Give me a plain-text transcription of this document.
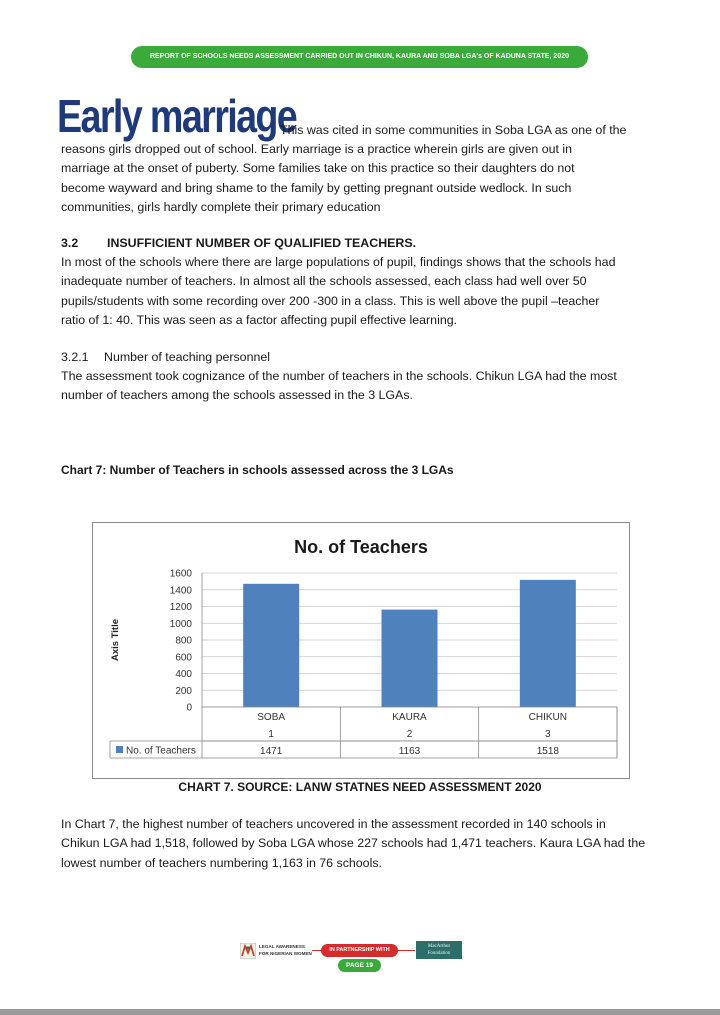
REPORT OF SCHOOLS NEEDS ASSESSMENT CARRIED OUT IN CHIKUN, KAURA AND SOBA LGA's OF KADUNA STATE, 2020
Early marriage
This was cited in some communities in Soba LGA as one of the
reasons girls dropped out of school. Early marriage is a practice wherein girls are given out in
marriage at the onset of puberty. Some families take on this practice so their daughters do not
become wayward and bring shame to the family by getting pregnant outside wedlock. In such
communities, girls hardly complete their primary education
3.2 INSUFFICIENT NUMBER OF QUALIFIED TEACHERS.
In most of the schools where there are large populations of pupil, findings shows that the schools had
inadequate number of teachers. In almost all the schools assessed, each class had well over 50
pupils/students with some recording over 200 -300 in a class. This is well above the pupil –teacher
ratio of 1: 40. This was seen as a factor affecting pupil effective learning.
3.2.1 Number of teaching personnel
The assessment took cognizance of the number of teachers in the schools. Chikun LGA had the most
number of teachers among the schools assessed in the 3 LGAs.
Chart 7: Number of Teachers in schools assessed across the 3 LGAs
No. of Teachers
0
200
400
600
800
1000
1200
1400
1600
Axis Title
SOBA
1
1471
KAURA
2
1163
CHIKUN
3
1518
No. of Teachers
CHART 7. SOURCE: LANW STATNES NEED ASSESSMENT 2020
In Chart 7, the highest number of teachers uncovered in the assessment recorded in 140 schools in
Chikun LGA had 1,518, followed by Soba LGA whose 227 schools had 1,471 teachers. Kaura LGA had the
lowest number of teachers numbering 1,163 in 76 schools.
LEGAL AWARENESS
FOR NIGERIAN WOMEN	IN PARTNERSHIP WITH
MacArthur
Foundation
PAGE 19
